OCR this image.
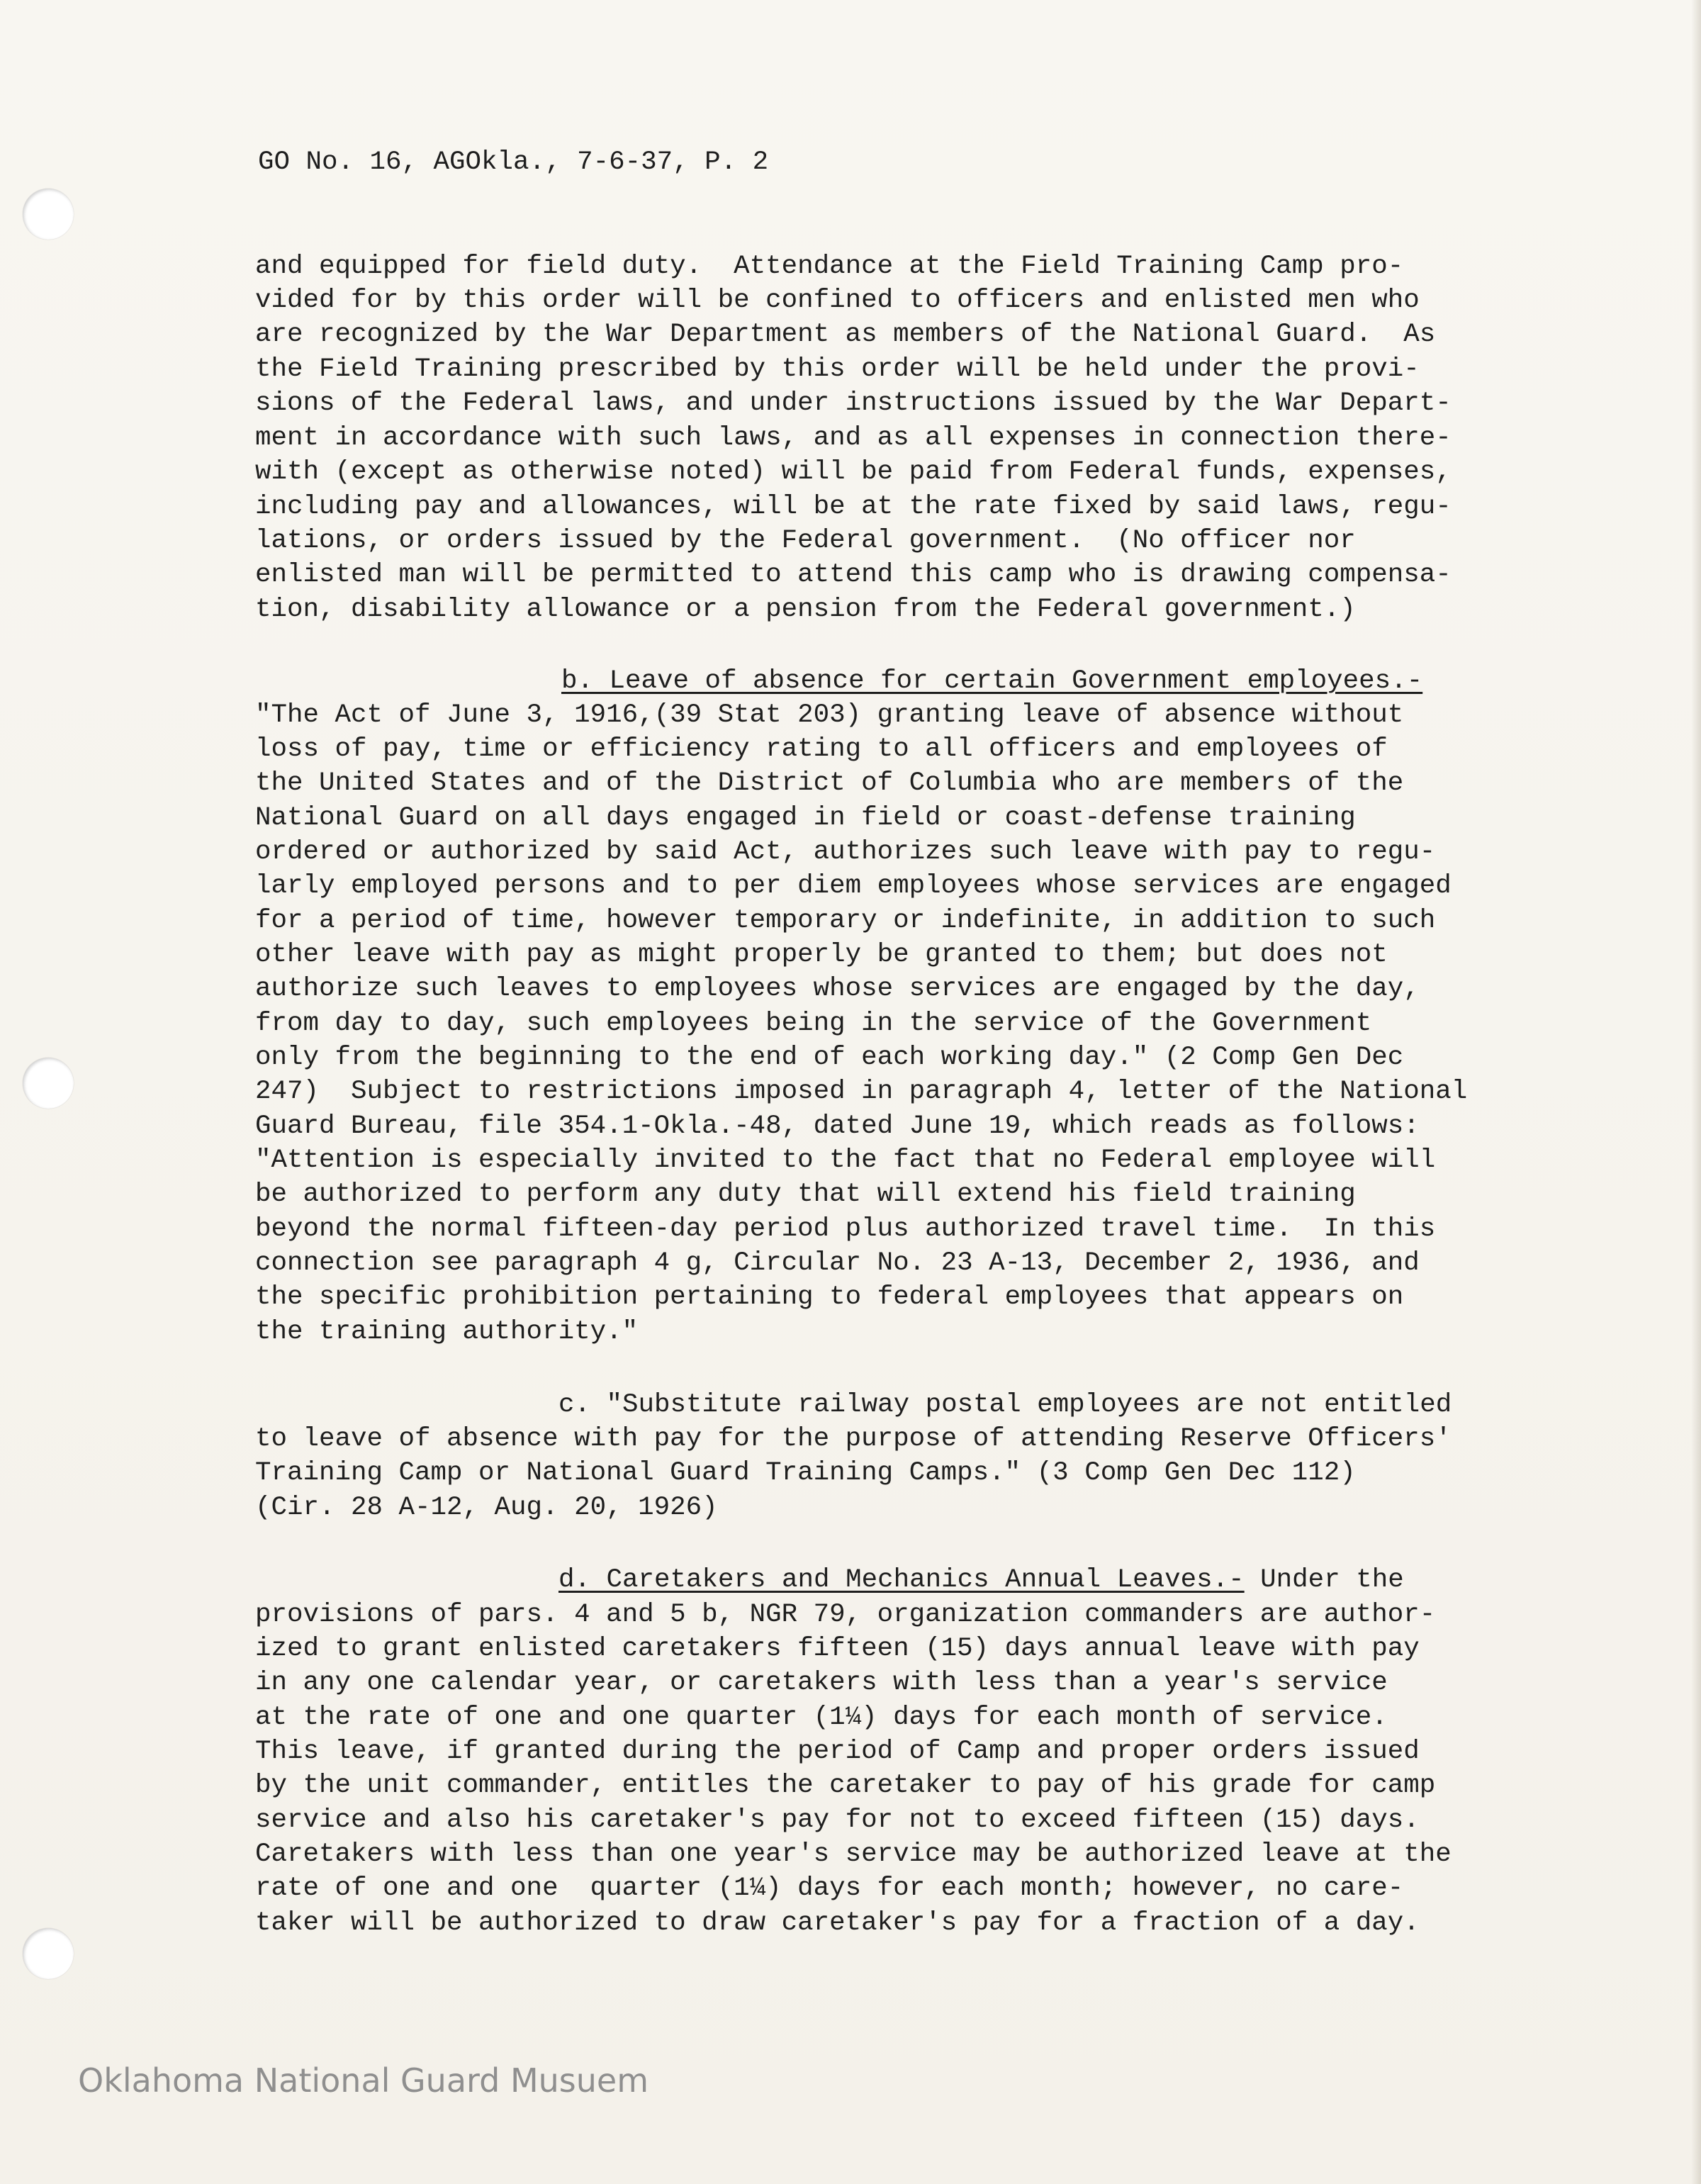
GO No. 16, AGOkla., 7-6-37, P. 2
and equipped for field duty.  Attendance at the Field Training Camp pro-
vided for by this order will be confined to officers and enlisted men who
are recognized by the War Department as members of the National Guard.  As
the Field Training prescribed by this order will be held under the provi-
sions of the Federal laws, and under instructions issued by the War Depart-
ment in accordance with such laws, and as all expenses in connection there-
with (except as otherwise noted) will be paid from Federal funds, expenses,
including pay and allowances, will be at the rate fixed by said laws, regu-
lations, or orders issued by the Federal government.  (No officer nor
enlisted man will be permitted to attend this camp who is drawing compensa-
tion, disability allowance or a pension from the Federal government.)
b. Leave of absence for certain Government employees.-
"The Act of June 3, 1916,(39 Stat 203) granting leave of absence without
loss of pay, time or efficiency rating to all officers and employees of
the United States and of the District of Columbia who are members of the
National Guard on all days engaged in field or coast-defense training
ordered or authorized by said Act, authorizes such leave with pay to regu-
larly employed persons and to per diem employees whose services are engaged
for a period of time, however temporary or indefinite, in addition to such
other leave with pay as might properly be granted to them; but does not
authorize such leaves to employees whose services are engaged by the day,
from day to day, such employees being in the service of the Government
only from the beginning to the end of each working day." (2 Comp Gen Dec
247)  Subject to restrictions imposed in paragraph 4, letter of the National
Guard Bureau, file 354.1-Okla.-48, dated June 19, which reads as follows:
"Attention is especially invited to the fact that no Federal employee will
be authorized to perform any duty that will extend his field training
beyond the normal fifteen-day period plus authorized travel time.  In this
connection see paragraph 4 g, Circular No. 23 A-13, December 2, 1936, and
the specific prohibition pertaining to federal employees that appears on
the training authority."
c. "Substitute railway postal employees are not entitled
to leave of absence with pay for the purpose of attending Reserve Officers'
Training Camp or National Guard Training Camps." (3 Comp Gen Dec 112)
(Cir. 28 A-12, Aug. 20, 1926)
d. Caretakers and Mechanics Annual Leaves.- Under the
provisions of pars. 4 and 5 b, NGR 79, organization commanders are author-
ized to grant enlisted caretakers fifteen (15) days annual leave with pay
in any one calendar year, or caretakers with less than a year's service
at the rate of one and one quarter (1¼) days for each month of service.
This leave, if granted during the period of Camp and proper orders issued
by the unit commander, entitles the caretaker to pay of his grade for camp
service and also his caretaker's pay for not to exceed fifteen (15) days.
Caretakers with less than one year's service may be authorized leave at the
rate of one and one  quarter (1¼) days for each month; however, no care-
taker will be authorized to draw caretaker's pay for a fraction of a day.
Oklahoma National Guard Musuem
